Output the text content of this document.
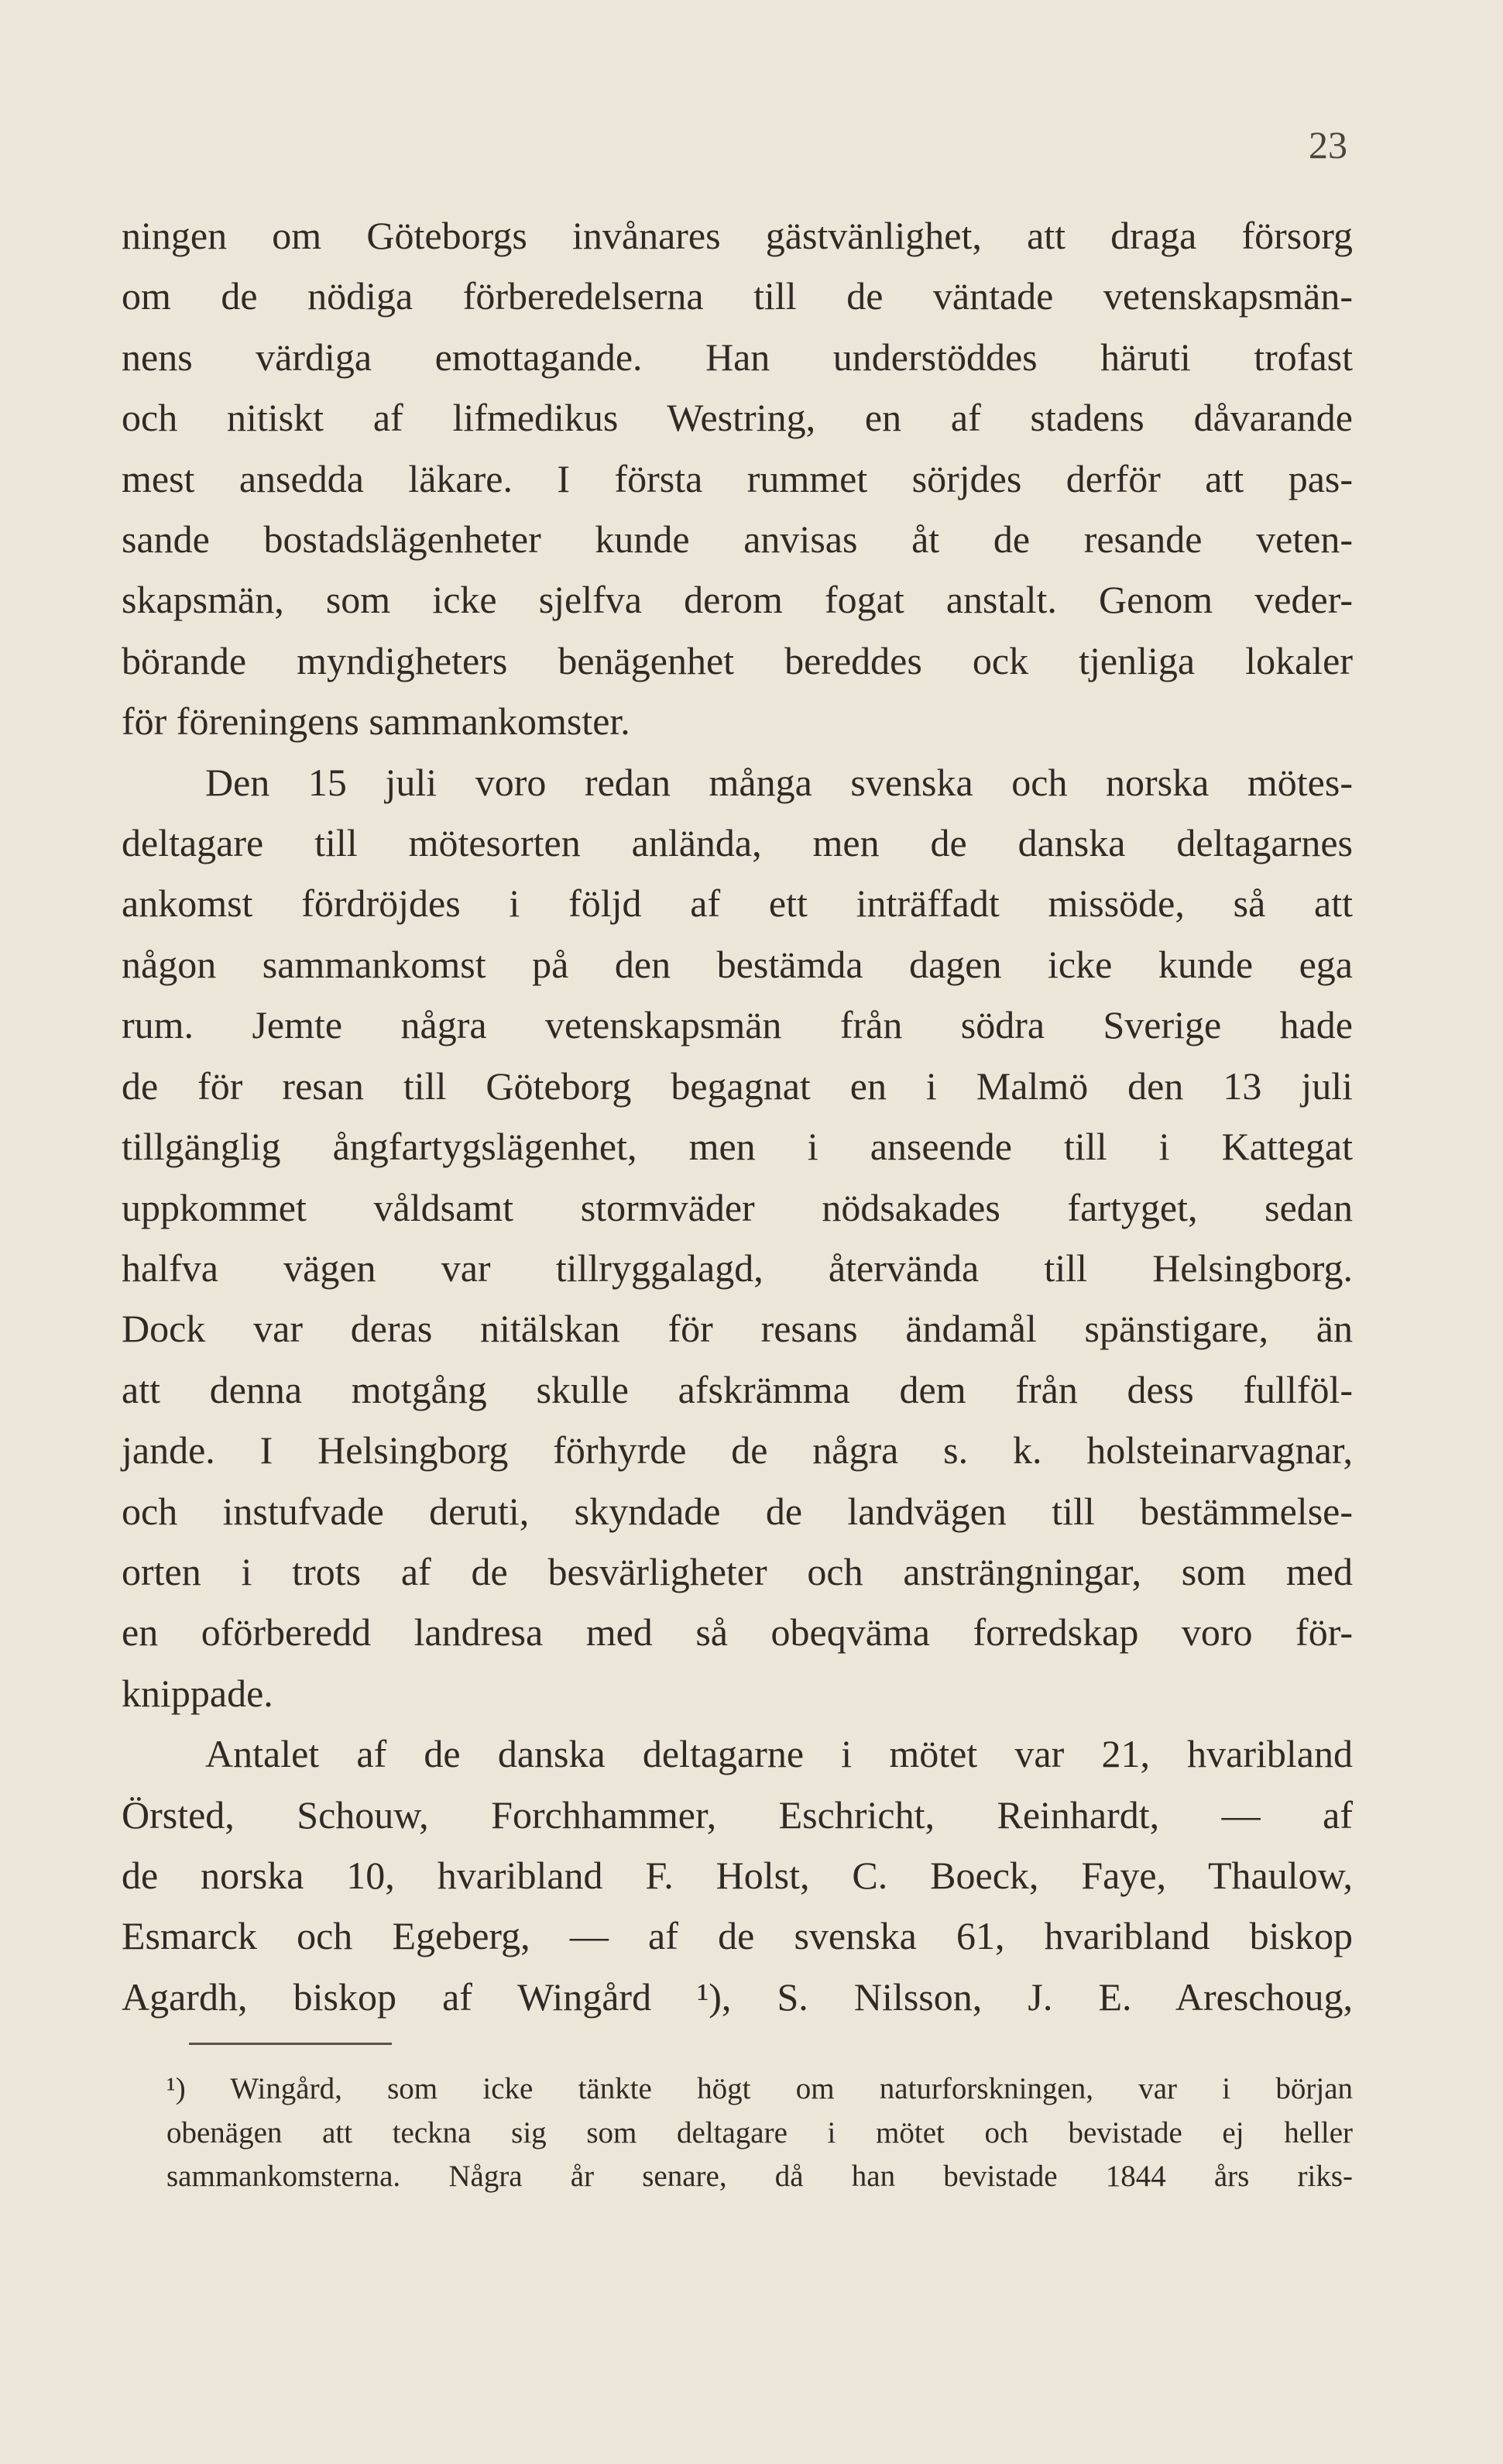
23
ningen om Göteborgs invånares gästvänlighet, att draga försorg
om de nödiga förberedelserna till de väntade vetenskapsmän-
nens värdiga emottagande. Han understöddes häruti trofast
och nitiskt af lifmedikus Westring, en af stadens dåvarande
mest ansedda läkare. I första rummet sörjdes derför att pas-
sande bostadslägenheter kunde anvisas åt de resande veten-
skapsmän, som icke sjelfva derom fogat anstalt. Genom veder-
börande myndigheters benägenhet bereddes ock tjenliga lokaler
för föreningens sammankomster.
Den 15 juli voro redan många svenska och norska mötes-
deltagare till mötesorten anlända, men de danska deltagarnes
ankomst fördröjdes i följd af ett inträffadt missöde, så att
någon sammankomst på den bestämda dagen icke kunde ega
rum. Jemte några vetenskapsmän från södra Sverige hade
de för resan till Göteborg begagnat en i Malmö den 13 juli
tillgänglig ångfartygslägenhet, men i anseende till i Kattegat
uppkommet våldsamt stormväder nödsakades fartyget, sedan
halfva vägen var tillryggalagd, återvända till Helsingborg.
Dock var deras nitälskan för resans ändamål spänstigare, än
att denna motgång skulle afskrämma dem från dess fullföl-
jande. I Helsingborg förhyrde de några s. k. holsteinarvagnar,
och instufvade deruti, skyndade de landvägen till bestämmelse-
orten i trots af de besvärligheter och ansträngningar, som med
en oförberedd landresa med så obeqväma forredskap voro för-
knippade.
Antalet af de danska deltagarne i mötet var 21, hvaribland
Örsted, Schouw, Forchhammer, Eschricht, Reinhardt, — af
de norska 10, hvaribland F. Holst, C. Boeck, Faye, Thaulow,
Esmarck och Egeberg, — af de svenska 61, hvaribland biskop
Agardh, biskop af Wingård ¹), S. Nilsson, J. E. Areschoug,
¹) Wingård, som icke tänkte högt om naturforskningen, var i början
obenägen att teckna sig som deltagare i mötet och bevistade ej heller
sammankomsterna. Några år senare, då han bevistade 1844 års riks-
